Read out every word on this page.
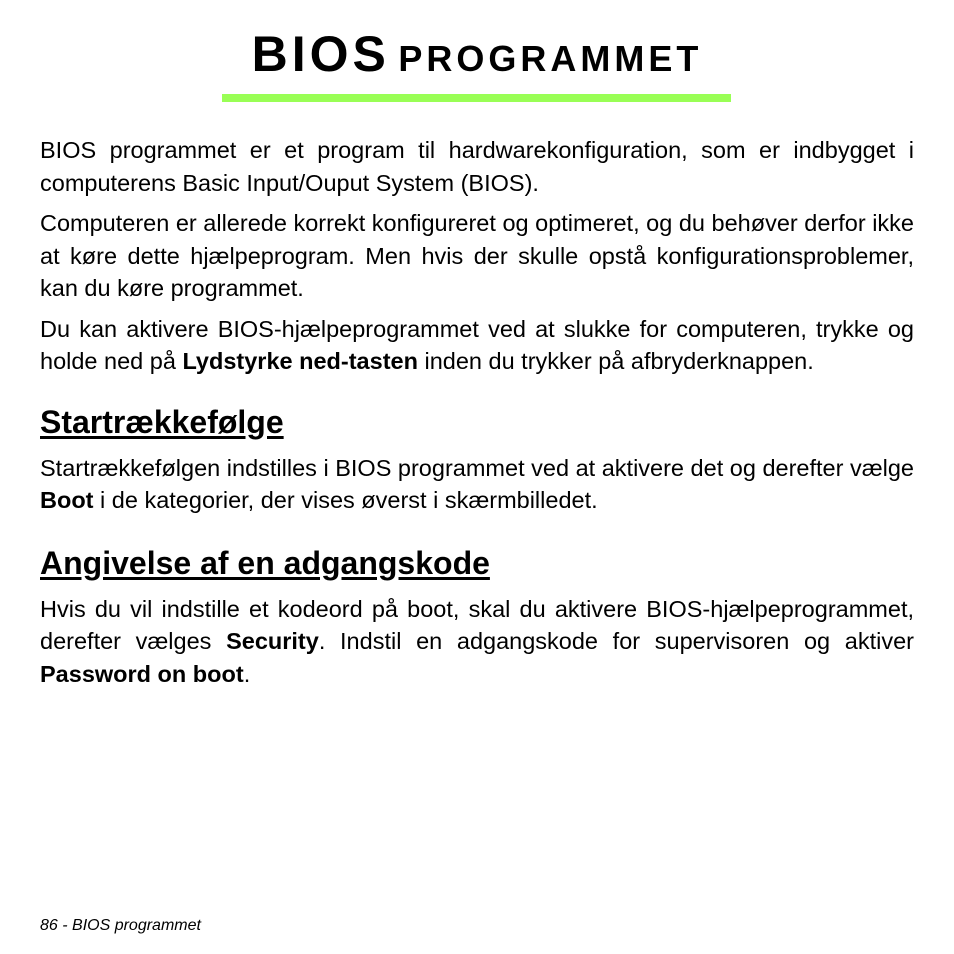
BIOS PROGRAMMET

BIOS programmet er et program til hardwarekonfiguration, som er indbygget i computerens Basic Input/Ouput System (BIOS).

Computeren er allerede korrekt konfigureret og optimeret, og du behøver derfor ikke at køre dette hjælpeprogram. Men hvis der skulle opstå konfigurationsproblemer, kan du køre programmet.

Du kan aktivere BIOS-hjælpeprogrammet ved at slukke for computeren, trykke og holde ned på Lydstyrke ned-tasten inden du trykker på afbryderknappen.

Startrækkefølge

Startrækkefølgen indstilles i BIOS programmet ved at aktivere det og derefter vælge Boot i de kategorier, der vises øverst i skærmbilledet.

Angivelse af en adgangskode

Hvis du vil indstille et kodeord på boot, skal du aktivere BIOS-hjælpeprogrammet, derefter vælges Security. Indstil en adgangskode for supervisoren og aktiver Password on boot.

86 - BIOS programmet
